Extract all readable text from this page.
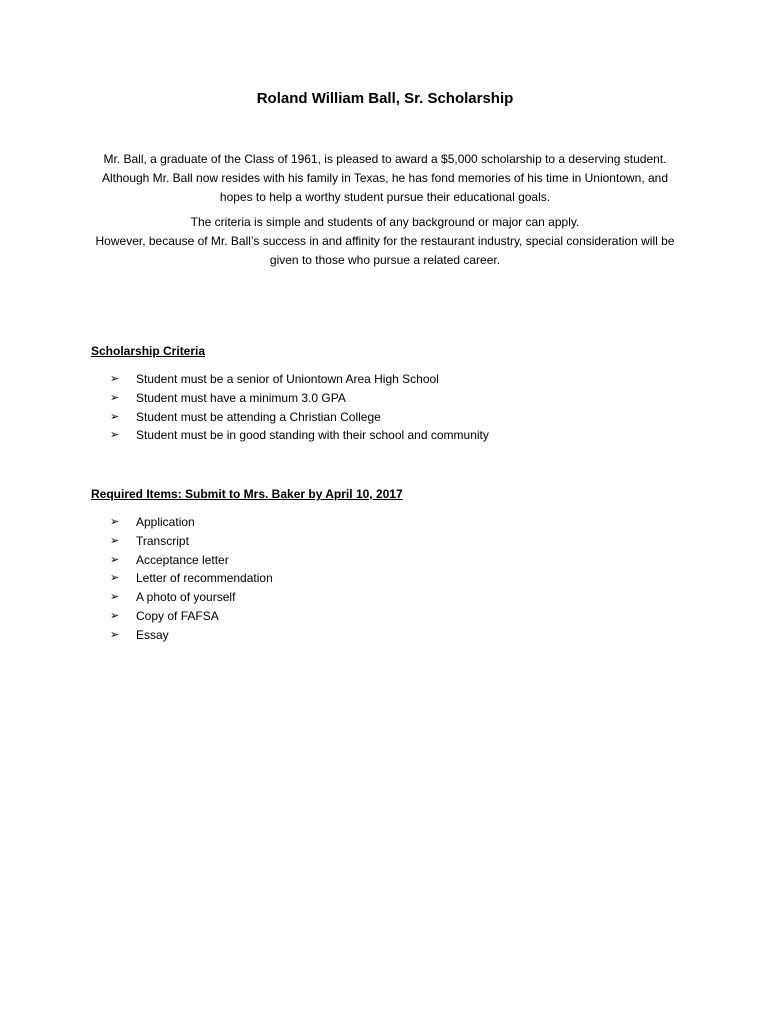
Roland William Ball, Sr. Scholarship

Mr. Ball, a graduate of the Class of 1961, is pleased to award a $5,000 scholarship to a deserving student. Although Mr. Ball now resides with his family in Texas, he has fond memories of his time in Uniontown, and hopes to help a worthy student pursue their educational goals.

The criteria is simple and students of any background or major can apply.
However, because of Mr. Ball’s success in and affinity for the restaurant industry, special consideration will be given to those who pursue a related career.

Scholarship Criteria
➢	Student must be a senior of Uniontown Area High School
➢	Student must have a minimum 3.0 GPA
➢	Student must be attending a Christian College
➢	Student must be in good standing with their school and community
Required Items: Submit to Mrs. Baker by April 10, 2017
➢	Application
➢	Transcript
➢	Acceptance letter
➢	Letter of recommendation
➢	A photo of yourself
➢	Copy of FAFSA
➢	Essay
